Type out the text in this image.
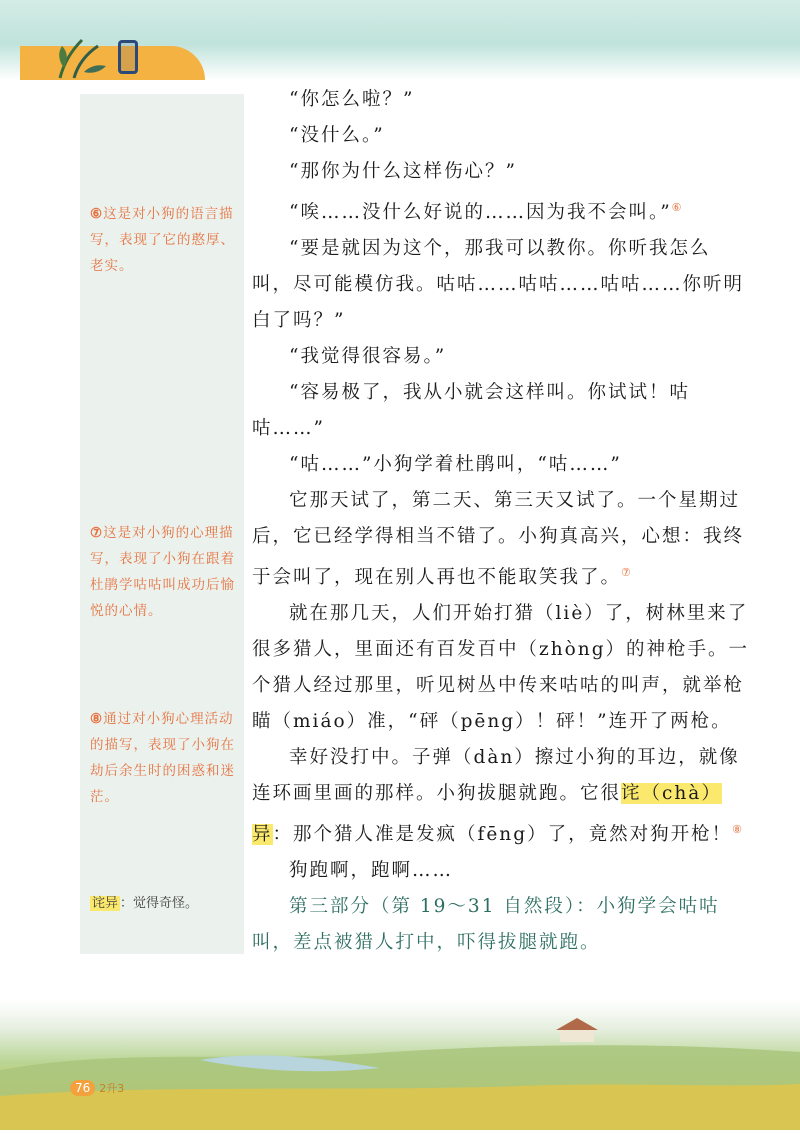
⑥这是对小狗的语言描写，表现了它的憨厚、老实。
⑦这是对小狗的心理描写，表现了小狗在跟着杜鹃学咕咕叫成功后愉悦的心情。
⑧通过对小狗心理活动的描写，表现了小狗在劫后余生时的困惑和迷茫。
诧异 ：觉得奇怪。

“你怎么啦？”

“没什么。”

“那你为什么这样伤心？”

“唉……没什么好说的……因为我不会叫。”⑥

“要是就因为这个，那我可以教你。你听我怎么叫，尽可能模仿我。咕咕……咕咕……咕咕……你听明白了吗？”

“我觉得很容易。”

“容易极了，我从小就会这样叫。你试试！咕咕……”

“咕……”小狗学着杜鹃叫，“咕……”

它那天试了，第二天、第三天又试了。一个星期过后，它已经学得相当不错了。小狗真高兴，心想：我终于会叫了，现在别人再也不能取笑我了。⑦

就在那几天，人们开始打猎（liè）了，树林里来了很多猎人，里面还有百发百中（zhòng）的神枪手。一个猎人经过那里，听见树丛中传来咕咕的叫声，就举枪瞄（miáo）准，“砰（pēng）！砰！”连开了两枪。

幸好没打中。子弹（dàn）擦过小狗的耳边，就像连环画里画的那样。小狗拔腿就跑。它很诧（chà）异：那个猎人准是发疯（fēng）了，竟然对狗开枪！⑧

狗跑啊，跑啊……

第三部分（第 19～31 自然段）：小狗学会咕咕叫，差点被猎人打中，吓得拔腿就跑。

76 2升3
